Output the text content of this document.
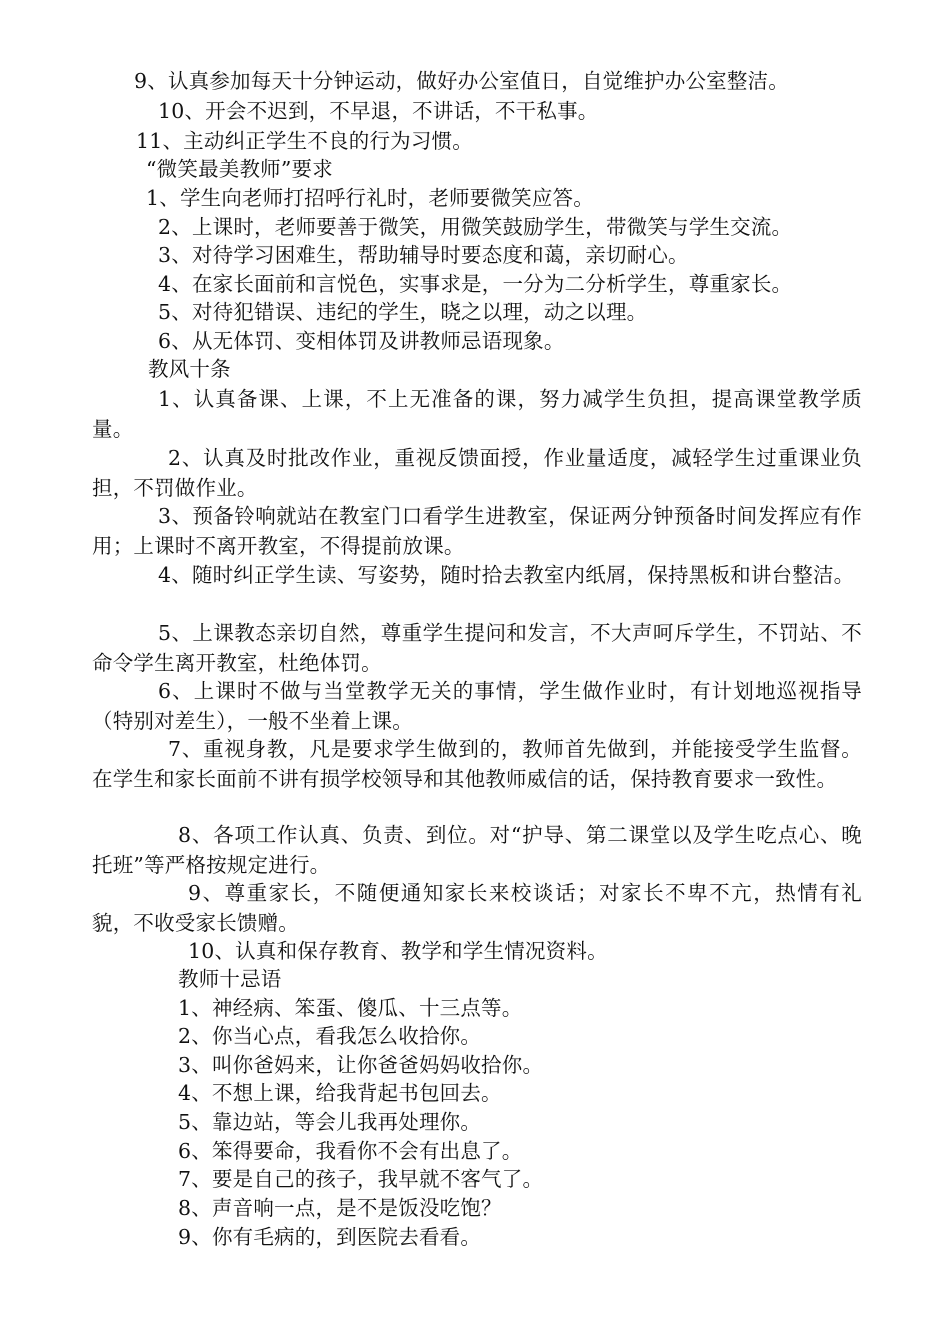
9、认真参加每天十分钟运动，做好办公室值日，自觉维护办公室整洁。
10、开会不迟到，不早退，不讲话，不干私事。
11、主动纠正学生不良的行为习惯。
“微笑最美教师”要求
1、学生向老师打招呼行礼时，老师要微笑应答。
2、上课时，老师要善于微笑，用微笑鼓励学生，带微笑与学生交流。
3、对待学习困难生，帮助辅导时要态度和蔼，亲切耐心。
4、在家长面前和言悦色，实事求是，一分为二分析学生，尊重家长。
5、对待犯错误、违纪的学生，晓之以理，动之以理。
6、从无体罚、变相体罚及讲教师忌语现象。
教风十条
1、认真备课、上课，不上无准备的课，努力减学生负担，提高课堂教学质量。
2、认真及时批改作业，重视反馈面授，作业量适度，减轻学生过重课业负担，不罚做作业。
3、预备铃响就站在教室门口看学生进教室，保证两分钟预备时间发挥应有作用；上课时不离开教室，不得提前放课。
4、随时纠正学生读、写姿势，随时拾去教室内纸屑，保持黑板和讲台整洁。
5、上课教态亲切自然，尊重学生提问和发言，不大声呵斥学生，不罚站、不命令学生离开教室，杜绝体罚。
6、上课时不做与当堂教学无关的事情，学生做作业时，有计划地巡视指导（特别对差生），一般不坐着上课。
7、重视身教，凡是要求学生做到的，教师首先做到，并能接受学生监督。在学生和家长面前不讲有损学校领导和其他教师威信的话，保持教育要求一致性。
8、各项工作认真、负责、到位。对“护导、第二课堂以及学生吃点心、晚托班”等严格按规定进行。
9、尊重家长，不随便通知家长来校谈话；对家长不卑不亢，热情有礼貌，不收受家长馈赠。
10、认真和保存教育、教学和学生情况资料。
教师十忌语
1、神经病、笨蛋、傻瓜、十三点等。
2、你当心点，看我怎么收拾你。
3、叫你爸妈来，让你爸爸妈妈收拾你。
4、不想上课，给我背起书包回去。
5、靠边站，等会儿我再处理你。
6、笨得要命，我看你不会有出息了。
7、要是自己的孩子，我早就不客气了。
8、声音响一点，是不是饭没吃饱？
9、你有毛病的，到医院去看看。
